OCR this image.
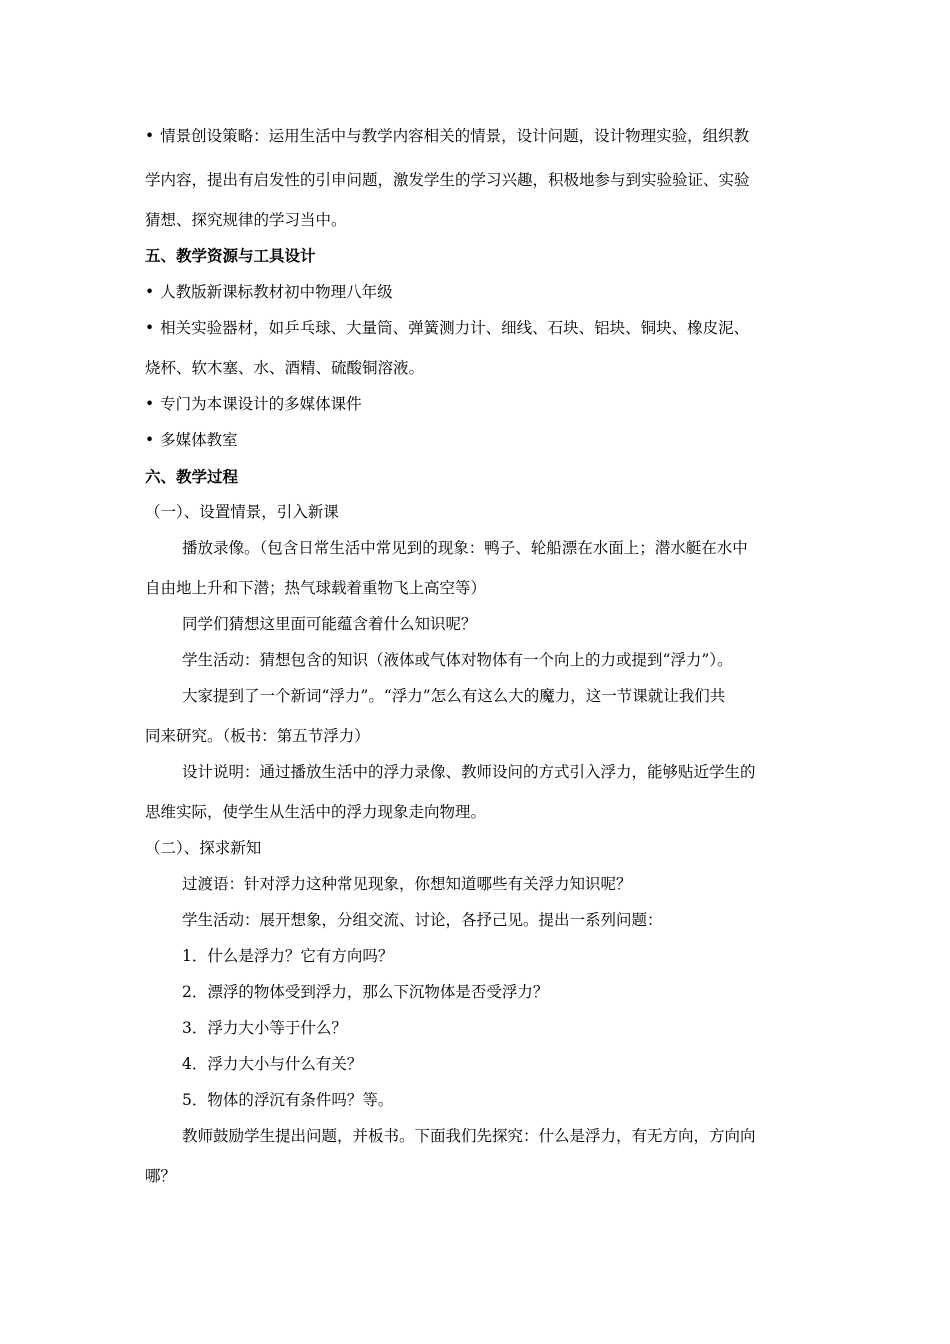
• 情景创设策略：运用生活中与教学内容相关的情景，设计问题，设计物理实验，组织教
学内容，提出有启发性的引申问题，激发学生的学习兴趣，积极地参与到实验验证、实验
猜想、探究规律的学习当中。
五、教学资源与工具设计
• 人教版新课标教材初中物理八年级
• 相关实验器材，如乒乓球、大量筒、弹簧测力计、细线、石块、铝块、铜块、橡皮泥、
烧杯、软木塞、水、酒精、硫酸铜溶液。
• 专门为本课设计的多媒体课件
• 多媒体教室
六、教学过程
（一）、设置情景，引入新课
播放录像。（包含日常生活中常见到的现象：鸭子、轮船漂在水面上；潜水艇在水中
自由地上升和下潜；热气球载着重物飞上高空等）
同学们猜想这里面可能蕴含着什么知识呢？
学生活动：猜想包含的知识（液体或气体对物体有一个向上的力或提到“浮力”）。
大家提到了一个新词“浮力”。“浮力”怎么有这么大的魔力，这一节课就让我们共
同来研究。（板书：第五节浮力）
设计说明：通过播放生活中的浮力录像、教师设问的方式引入浮力，能够贴近学生的
思维实际，使学生从生活中的浮力现象走向物理。
（二）、探求新知
过渡语：针对浮力这种常见现象，你想知道哪些有关浮力知识呢？
学生活动：展开想象，分组交流、讨论，各抒己见。提出一系列问题：
1．什么是浮力？它有方向吗？
2．漂浮的物体受到浮力，那么下沉物体是否受浮力？
3．浮力大小等于什么？
4．浮力大小与什么有关？
5．物体的浮沉有条件吗？等。
教师鼓励学生提出问题，并板书。下面我们先探究：什么是浮力，有无方向，方向向
哪？
